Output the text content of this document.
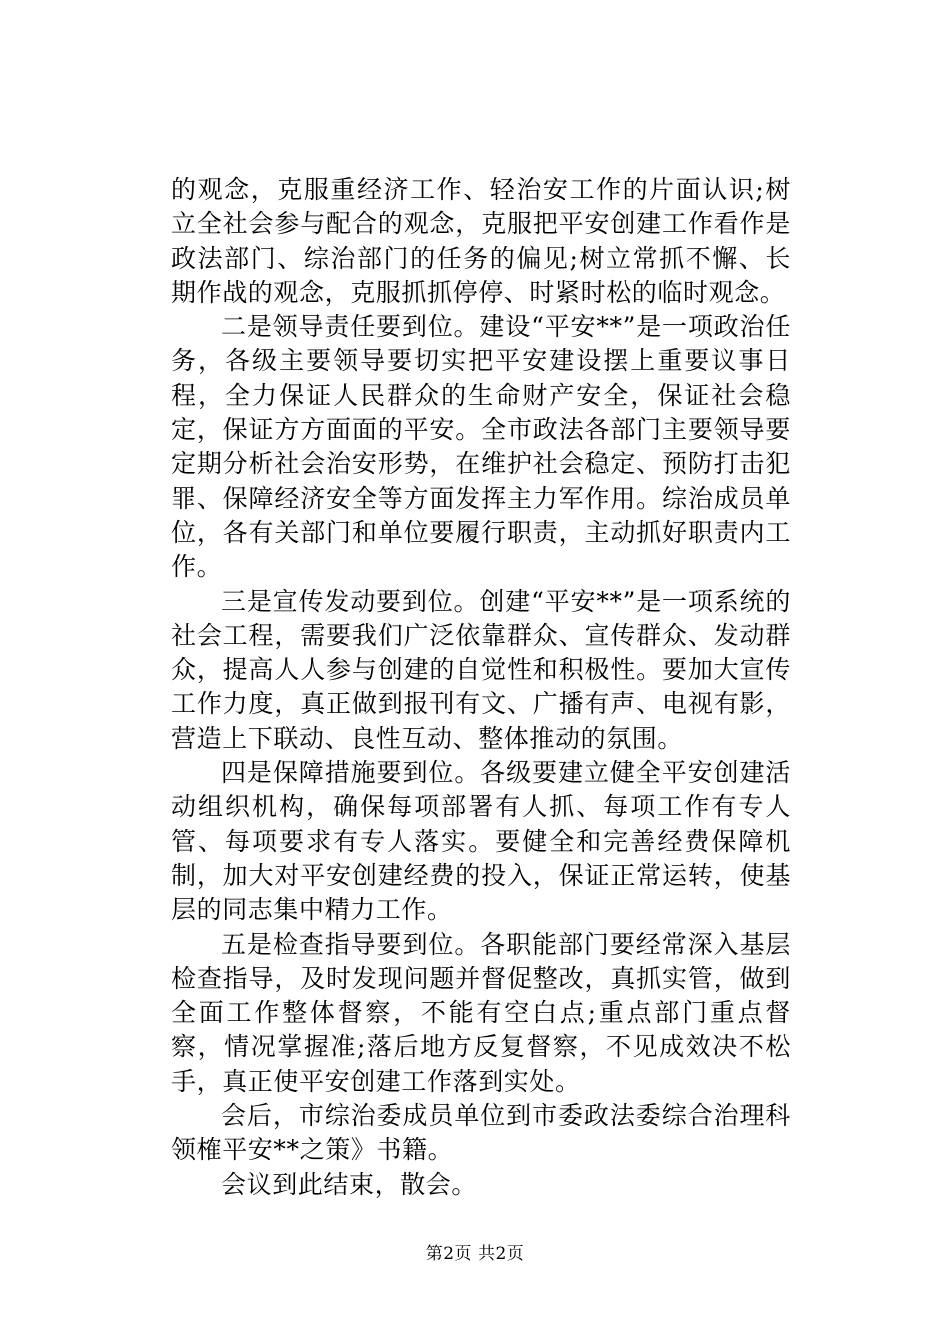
的观念，克服重经济工作、轻治安工作的片面认识;树立全社会参与配合的观念，克服把平安创建工作看作是政法部门、综治部门的任务的偏见;树立常抓不懈、长期作战的观念，克服抓抓停停、时紧时松的临时观念。

二是领导责任要到位。建设“平安**”是一项政治任务，各级主要领导要切实把平安建设摆上重要议事日程，全力保证人民群众的生命财产安全，保证社会稳定，保证方方面面的平安。全市政法各部门主要领导要定期分析社会治安形势，在维护社会稳定、预防打击犯罪、保障经济安全等方面发挥主力军作用。综治成员单位，各有关部门和单位要履行职责，主动抓好职责内工作。

三是宣传发动要到位。创建“平安**”是一项系统的社会工程，需要我们广泛依靠群众、宣传群众、发动群众，提高人人参与创建的自觉性和积极性。要加大宣传工作力度，真正做到报刊有文、广播有声、电视有影，营造上下联动、良性互动、整体推动的氛围。

四是保障措施要到位。各级要建立健全平安创建活动组织机构，确保每项部署有人抓、每项工作有专人管、每项要求有专人落实。要健全和完善经费保障机制，加大对平安创建经费的投入，保证正常运转，使基层的同志集中精力工作。

五是检查指导要到位。各职能部门要经常深入基层检查指导，及时发现问题并督促整改，真抓实管，做到全面工作整体督察，不能有空白点;重点部门重点督察，情况掌握准;落后地方反复督察，不见成效决不松手，真正使平安创建工作落到实处。

会后，市综治委成员单位到市委政法委综合治理科领榷平安**之策》书籍。

会议到此结束，散会。

第2页 共2页
